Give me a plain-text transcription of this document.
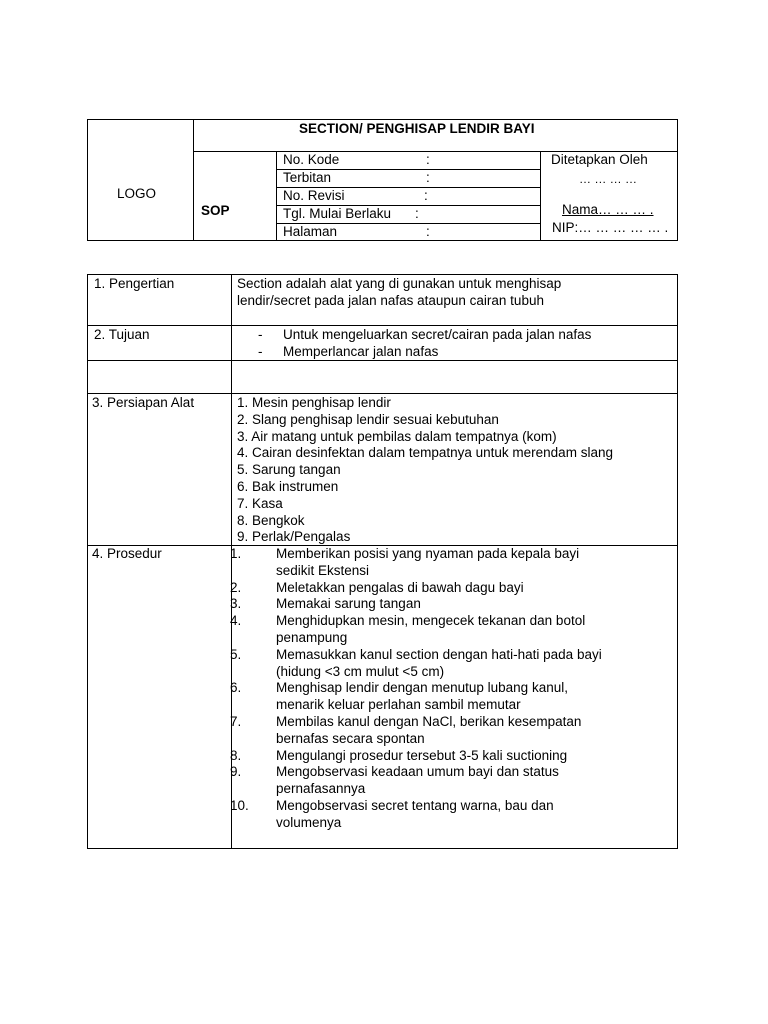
LOGO
SECTION/ PENGHISAP LENDIR BAYI
SOP
No. Kode	:
Terbitan	:
No. Revisi	:
Tgl. Mulai Berlaku :
Halaman	:
Ditetapkan Oleh
… … … …
Nama… … … .
NIP:… … … … … .
1. Pengertian	Section adalah alat yang di gunakan untuk menghisap
lendir/secret pada jalan nafas ataupun cairan tubuh
2. Tujuan	- Untuk mengeluarkan secret/cairan pada jalan nafas
- Memperlancar jalan nafas
3. Persiapan Alat	1. Mesin penghisap lendir
2. Slang penghisap lendir sesuai kebutuhan
3. Air matang untuk pembilas dalam tempatnya (kom)
4. Cairan desinfektan dalam tempatnya untuk merendam slang
5. Sarung tangan
6. Bak instrumen
7. Kasa
8. Bengkok
9. Perlak/Pengalas
4. Prosedur	1.	Memberikan posisi yang nyaman pada kepala bayi
sedikit Ekstensi
2.	Meletakkan pengalas di bawah dagu bayi
3.	Memakai sarung tangan
4.	Menghidupkan mesin, mengecek tekanan dan botol
penampung
5.	Memasukkan kanul section dengan hati-hati pada bayi
(hidung <3 cm mulut <5 cm)
6.	Menghisap lendir dengan menutup lubang kanul,
menarik keluar perlahan sambil memutar
7.	Membilas kanul dengan NaCl, berikan kesempatan
bernafas secara spontan
8.	Mengulangi prosedur tersebut 3-5 kali suctioning
9.	Mengobservasi keadaan umum bayi dan status
pernafasannya
10. Mengobservasi secret tentang warna, bau dan
volumenya
